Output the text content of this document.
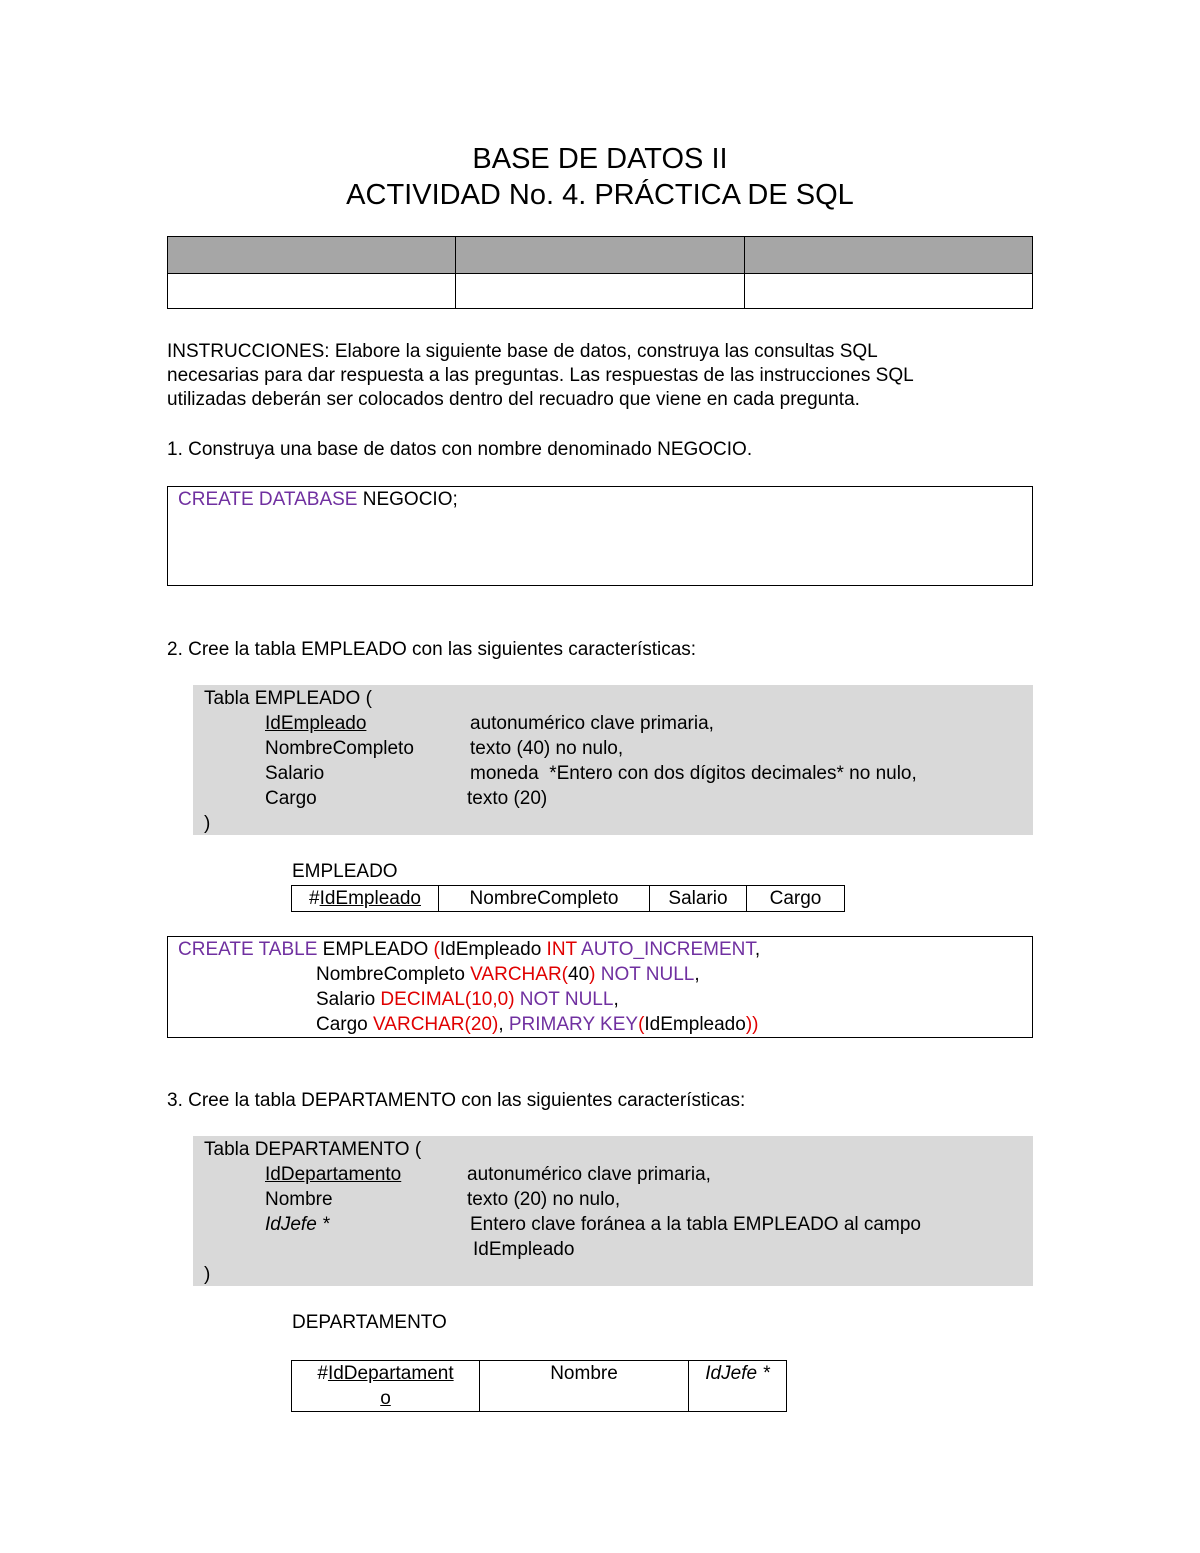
BASE DE DATOS II
ACTIVIDAD No. 4. PRÁCTICA DE SQL

INSTRUCCIONES: Elabore la siguiente base de datos, construya las consultas SQL
necesarias para dar respuesta a las preguntas. Las respuestas de las instrucciones SQL
utilizadas deberán ser colocados dentro del recuadro que viene en cada pregunta.
1. Construya una base de datos con nombre denominado NEGOCIO.
CREATE DATABASE NEGOCIO;
2. Cree la tabla EMPLEADO con las siguientes características:
Tabla EMPLEADO (
IdEmpleado	autonumérico clave primaria,
NombreCompleto	texto (40) no nulo,
Salario	moneda  *Entero con dos dígitos decimales* no nulo,
Cargo	texto (20)
)
EMPLEADO
#IdEmpleado	NombreCompleto	Salario	Cargo
CREATE TABLE EMPLEADO (IdEmpleado INT AUTO_INCREMENT,
NombreCompleto VARCHAR(40) NOT NULL,
Salario DECIMAL(10,0) NOT NULL,
Cargo VARCHAR(20), PRIMARY KEY(IdEmpleado))
3. Cree la tabla DEPARTAMENTO con las siguientes características:
Tabla DEPARTAMENTO (
IdDepartamento	autonumérico clave primaria,
Nombre	texto (20) no nulo,
IdJefe *	Entero clave foránea a la tabla EMPLEADO al campo
IdEmpleado
)
DEPARTAMENTO
#IdDepartament
o	Nombre	IdJefe *
